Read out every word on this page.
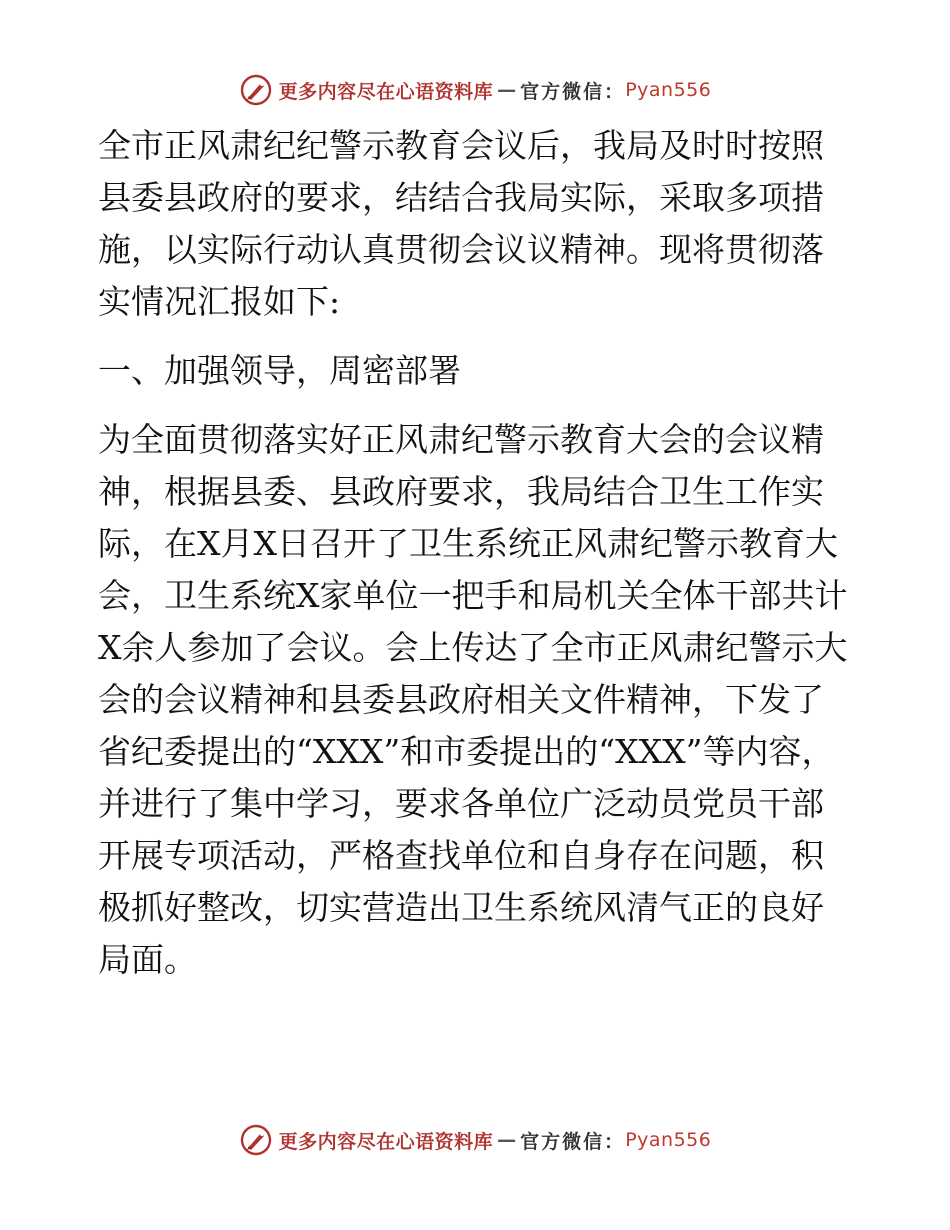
更多内容尽在心语资料库 — 官方微信： Pyan556

全市正风肃纪纪警示教育会议后，我局及时时按照县委县政府的要求，结结合我局实际，采取多项措施，以实际行动认真贯彻会议议精神。现将贯彻落实情况汇报如下:

一、加强领导，周密部署

为全面贯彻落实好正风肃纪警示教育大会的会议精神，根据县委、县政府要求，我局结合卫生工作实际，在X月X日召开了卫生系统正风肃纪警示教育大会，卫生系统X家单位一把手和局机关全体干部共计X余人参加了会议。会上传达了全市正风肃纪警示大会的会议精神和县委县政府相关文件精神，下发了省纪委提出的“XXX”和市委提出的“XXX”等内容，并进行了集中学习，要求各单位广泛动员党员干部开展专项活动，严格查找单位和自身存在问题，积极抓好整改，切实营造出卫生系统风清气正的良好局面。

更多内容尽在心语资料库 — 官方微信： Pyan556
